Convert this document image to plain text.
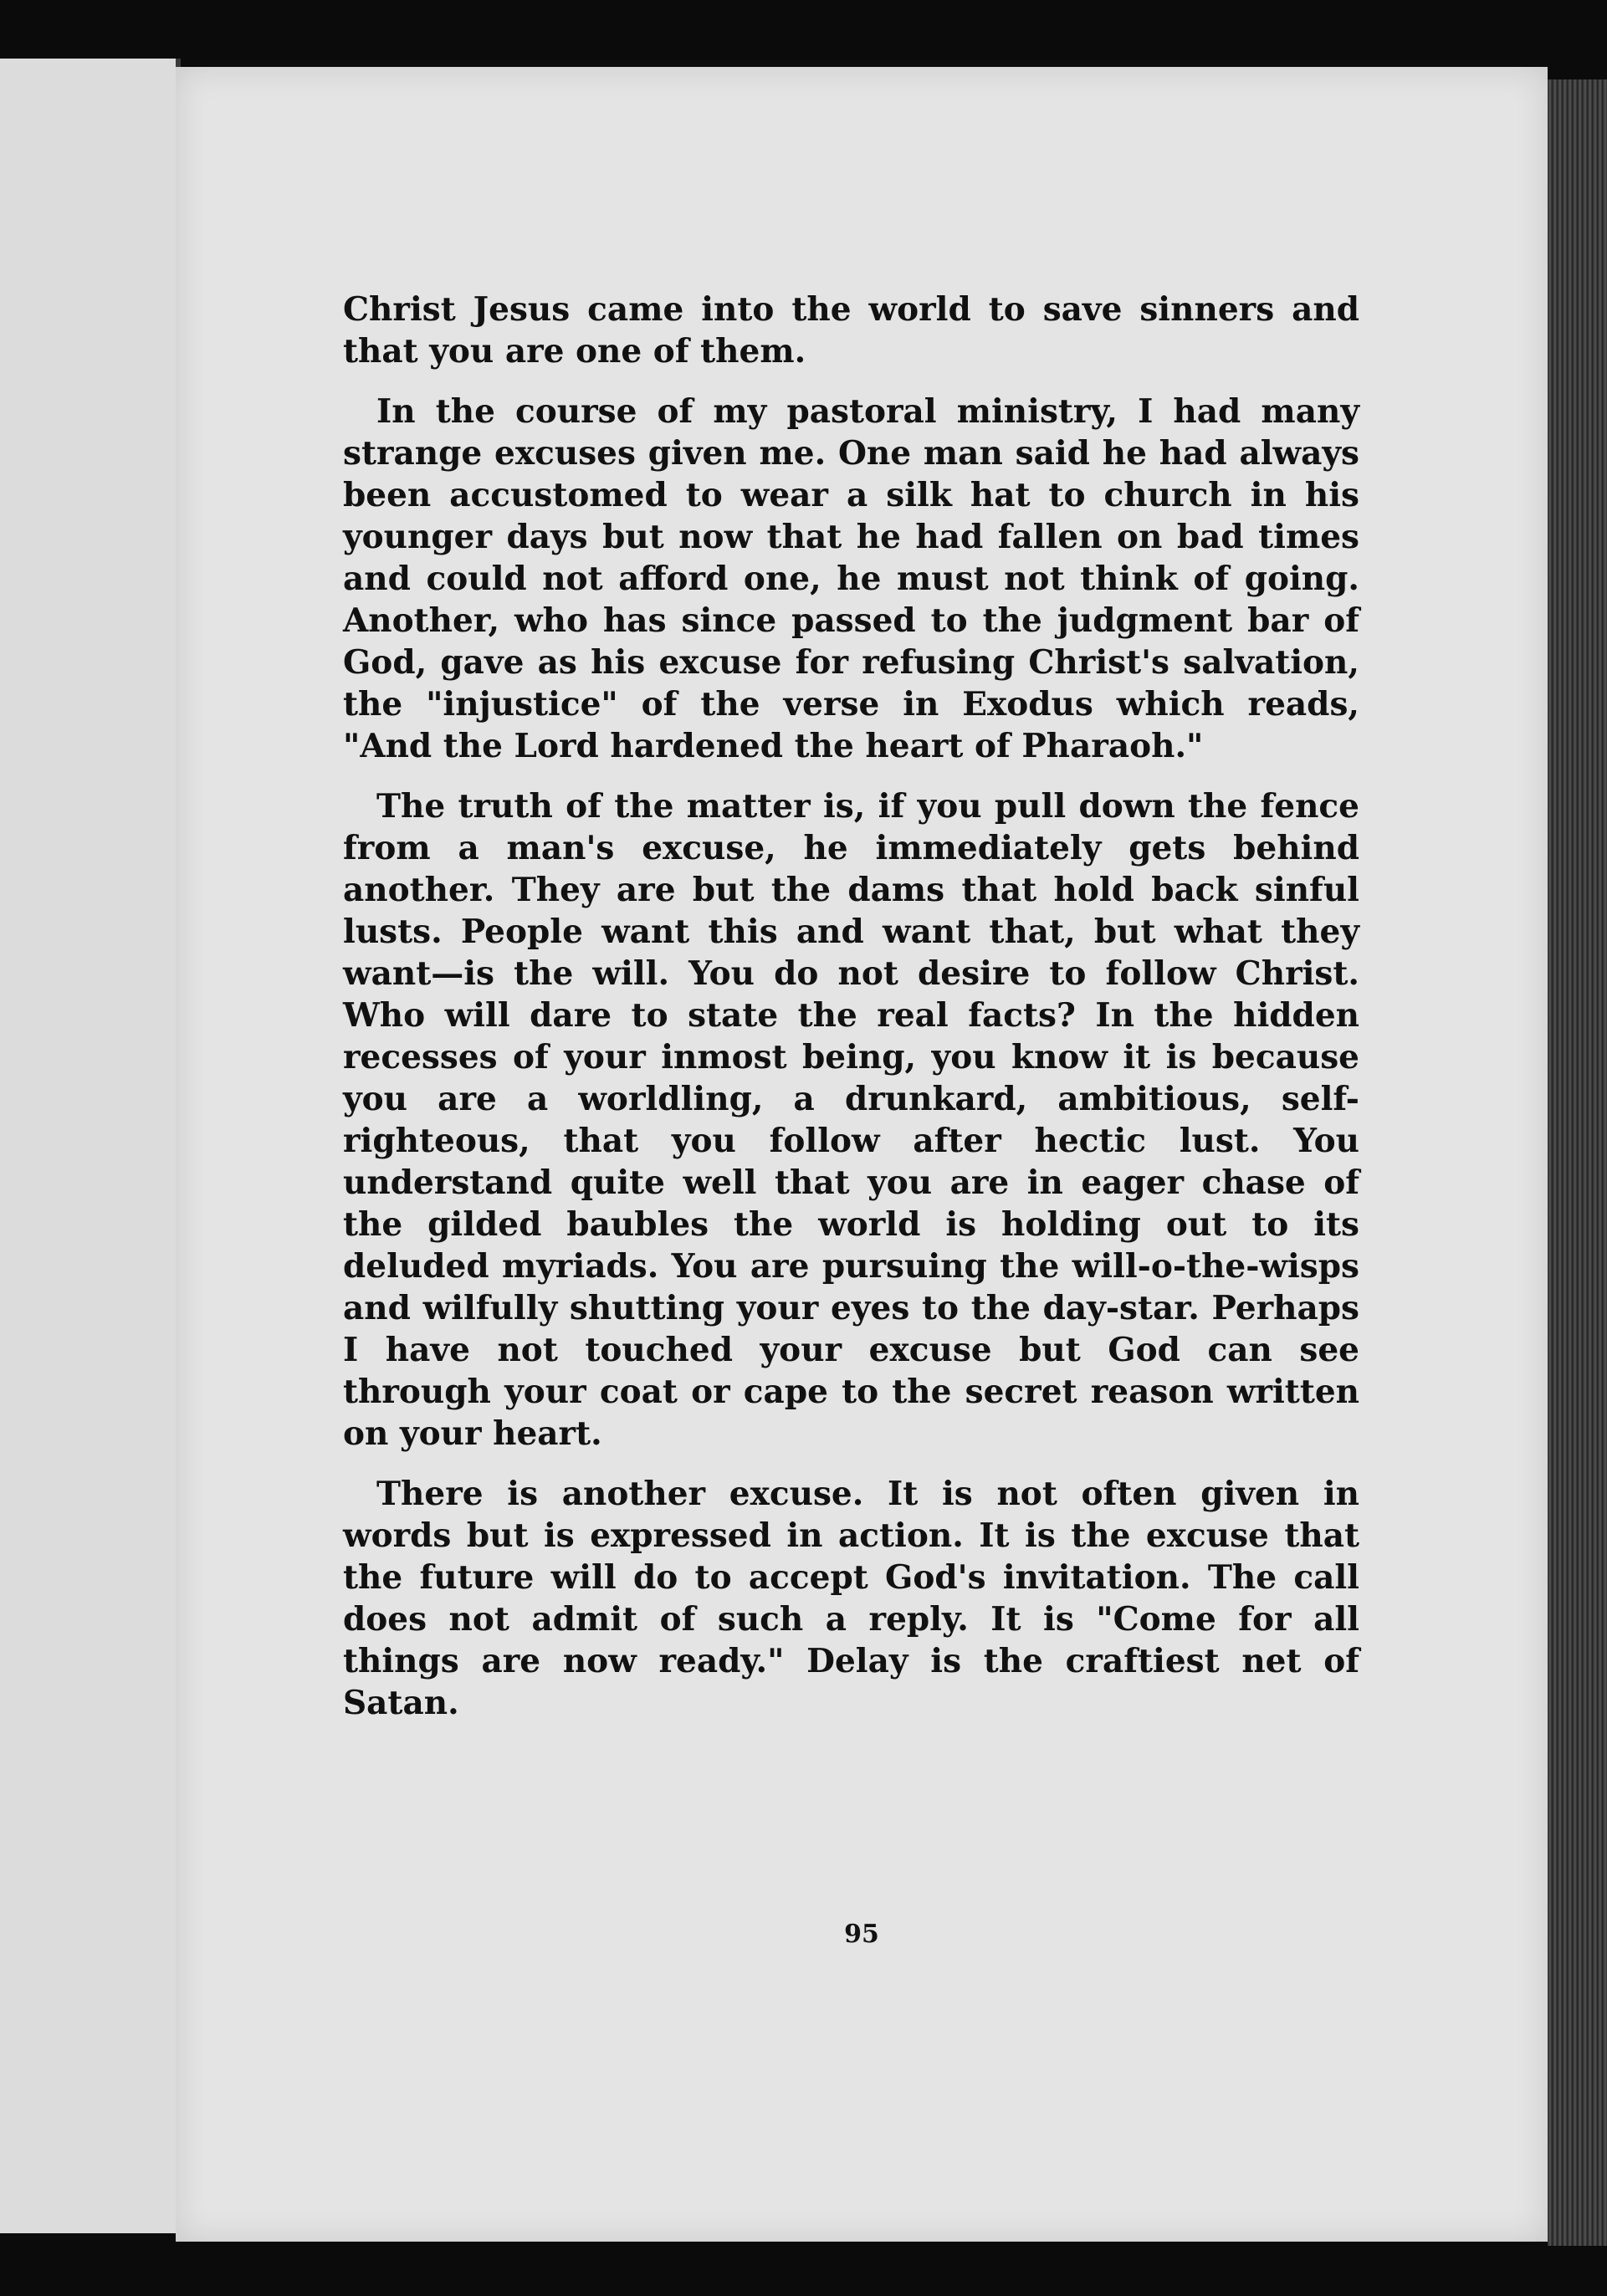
Christ Jesus came into the world to save sinners and that you are one of them.

In the course of my pastoral ministry, I had many strange excuses given me. One man said he had always been accustomed to wear a silk hat to church in his younger days but now that he had fallen on bad times and could not afford one, he must not think of going. Another, who has since passed to the judgment bar of God, gave as his excuse for refusing Christ's salvation, the "injustice" of the verse in Exodus which reads, "And the Lord hardened the heart of Pharaoh."

The truth of the matter is, if you pull down the fence from a man's excuse, he immediately gets behind another. They are but the dams that hold back sinful lusts. People want this and want that, but what they want—is the will. You do not desire to follow Christ. Who will dare to state the real facts? In the hidden recesses of your inmost being, you know it is because you are a worldling, a drunkard, ambitious, self-righteous, that you follow after hectic lust. You understand quite well that you are in eager chase of the gilded baubles the world is holding out to its deluded myriads. You are pursuing the will-o-the-wisps and wilfully shutting your eyes to the day-star. Perhaps I have not touched your excuse but God can see through your coat or cape to the secret reason written on your heart.

There is another excuse. It is not often given in words but is expressed in action. It is the excuse that the future will do to accept God's invitation. The call does not admit of such a reply. It is "Come for all things are now ready." Delay is the craftiest net of Satan.

95
